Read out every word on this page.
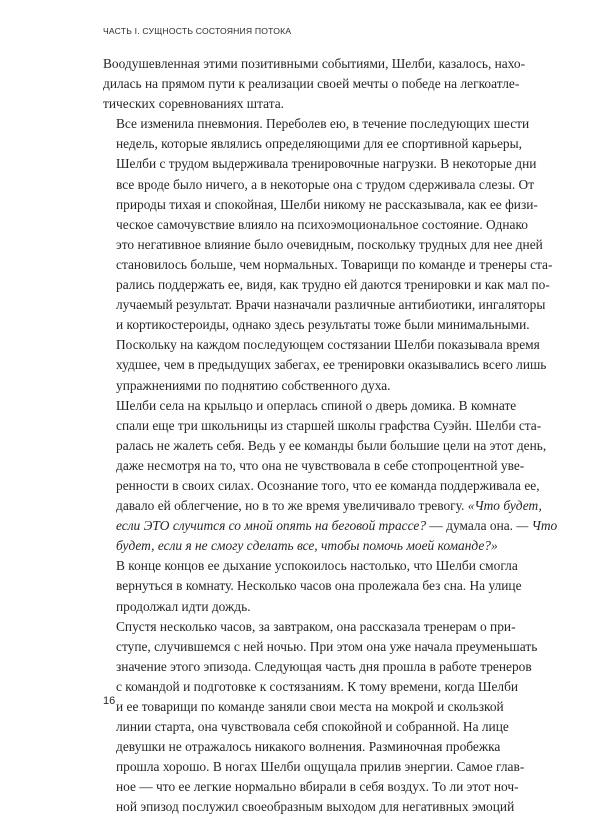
ЧАСТЬ I. СУЩНОСТЬ СОСТОЯНИЯ ПОТОКА

Воодушевленная этими позитивными событиями, Шелби, казалось, нахо-
дилась на прямом пути к реализации своей мечты о победе на легкоатле-
тических соревнованиях штата.

Все изменила пневмония. Переболев ею, в течение последующих шести
недель, которые являлись определяющими для ее спортивной карьеры,
Шелби с трудом выдерживала тренировочные нагрузки. В некоторые дни
все вроде было ничего, а в некоторые она с трудом сдерживала слезы. От
природы тихая и спокойная, Шелби никому не рассказывала, как ее физи-
ческое самочувствие влияло на психоэмоциональное состояние. Однако
это негативное влияние было очевидным, поскольку трудных для нее дней
становилось больше, чем нормальных. Товарищи по команде и тренеры ста-
рались поддержать ее, видя, как трудно ей даются тренировки и как мал по-
лучаемый результат. Врачи назначали различные антибиотики, ингаляторы
и кортикостероиды, однако здесь результаты тоже были минимальными.
Поскольку на каждом последующем состязании Шелби показывала время
худшее, чем в предыдущих забегах, ее тренировки оказывались всего лишь
упражнениями по поднятию собственного духа.

Шелби села на крыльцо и оперлась спиной о дверь домика. В комнате
спали еще три школьницы из старшей школы графства Суэйн. Шелби ста-
ралась не жалеть себя. Ведь у ее команды были большие цели на этот день,
даже несмотря на то, что она не чувствовала в себе стопроцентной уве-
ренности в своих силах. Осознание того, что ее команда поддерживала ее,
давало ей облегчение, но в то же время увеличивало тревогу. «Что будет,
если ЭТО случится со мной опять на беговой трассе? — думала она. — Что
будет, если я не смогу сделать все, чтобы помочь моей команде?»

В конце концов ее дыхание успокоилось настолько, что Шелби смогла
вернуться в комнату. Несколько часов она пролежала без сна. На улице
продолжал идти дождь.

Спустя несколько часов, за завтраком, она рассказала тренерам о при-
ступе, случившемся с ней ночью. При этом она уже начала преуменьшать
значение этого эпизода. Следующая часть дня прошла в работе тренеров
с командой и подготовке к состязаниям. К тому времени, когда Шелби
и ее товарищи по команде заняли свои места на мокрой и скользкой
линии старта, она чувствовала себя спокойной и собранной. На лице
девушки не отражалось никакого волнения. Разминочная пробежка
прошла хорошо. В ногах Шелби ощущала прилив энергии. Самое глав-
ное — что ее легкие нормально вбирали в себя воздух. То ли этот ноч-
ной эпизод послужил своеобразным выходом для негативных эмоций

16
